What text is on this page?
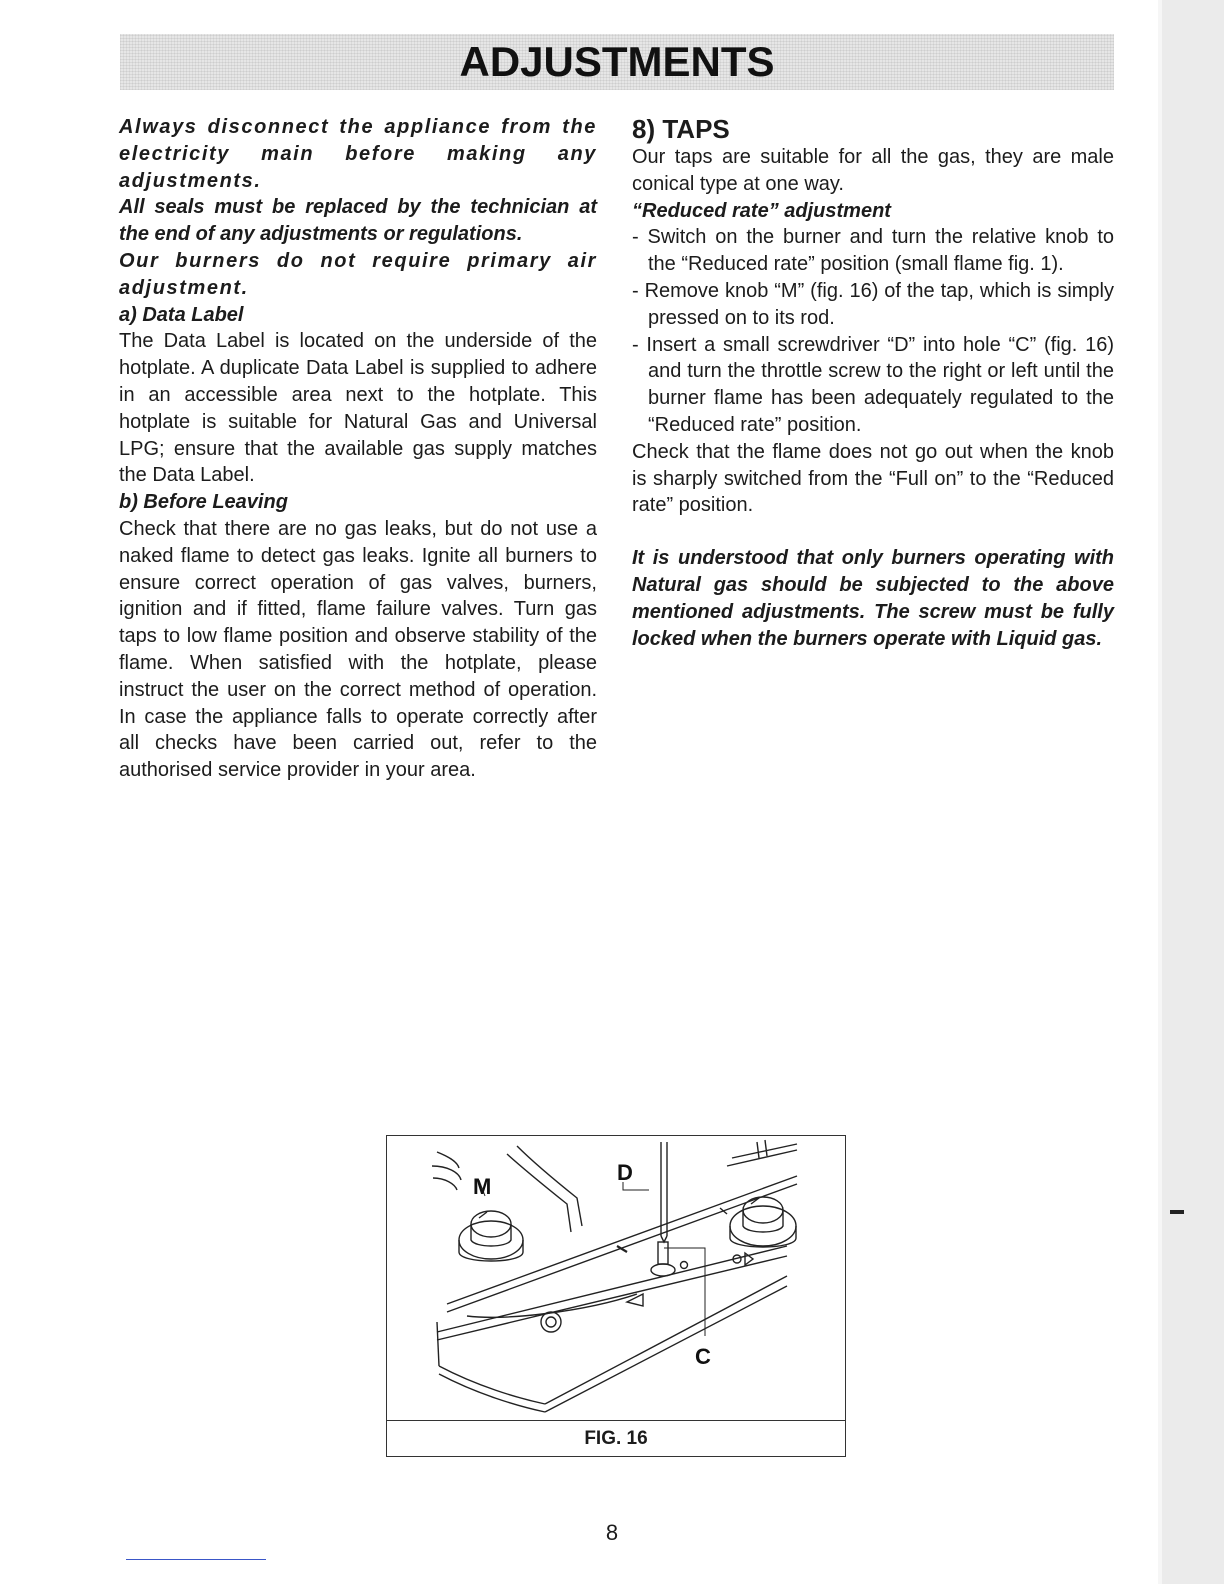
ADJUSTMENTS

Always disconnect the appliance from the electricity main before making any adjustments.

All seals must be replaced by the technician at the end of any adjustments or regulations.

Our burners do not require primary air adjustment.

a) Data Label

The Data Label is located on the underside of the hotplate. A duplicate Data Label is supplied to adhere in an accessible area next to the hotplate. This hotplate is suitable for Natural Gas and Universal LPG; ensure that the available gas supply matches the Data Label.

b) Before Leaving

Check that there are no gas leaks, but do not use a naked flame to detect gas leaks. Ignite all burners to ensure correct operation of gas valves, burners, ignition and if fitted, flame failure valves. Turn gas taps to low flame position and observe stability of the flame. When satisfied with the hotplate, please instruct the user on the correct method of operation. In case the appliance falls to operate correctly after all checks have been carried out, refer to the authorised service provider in your area.

8) TAPS

Our taps are suitable for all the gas, they are male conical type at one way.

“Reduced rate” adjustment

- Switch on the burner and turn the relative knob to the “Reduced rate” position (small flame fig. 1).

- Remove knob “M” (fig. 16) of the tap, which is simply pressed on to its rod.

- Insert a small screwdriver “D” into hole “C” (fig. 16) and turn the throttle screw to the right or left until the burner flame has been adequately regulated to the “Reduced rate” position.

Check that the flame does not go out when the knob is sharply switched from the “Full on” to the “Reduced rate” position.

It is understood that only burners operating with Natural gas should be subjected to the above mentioned adjustments. The screw must be fully locked when the burners operate with Liquid gas.

M
D
C
FIG. 16
8
